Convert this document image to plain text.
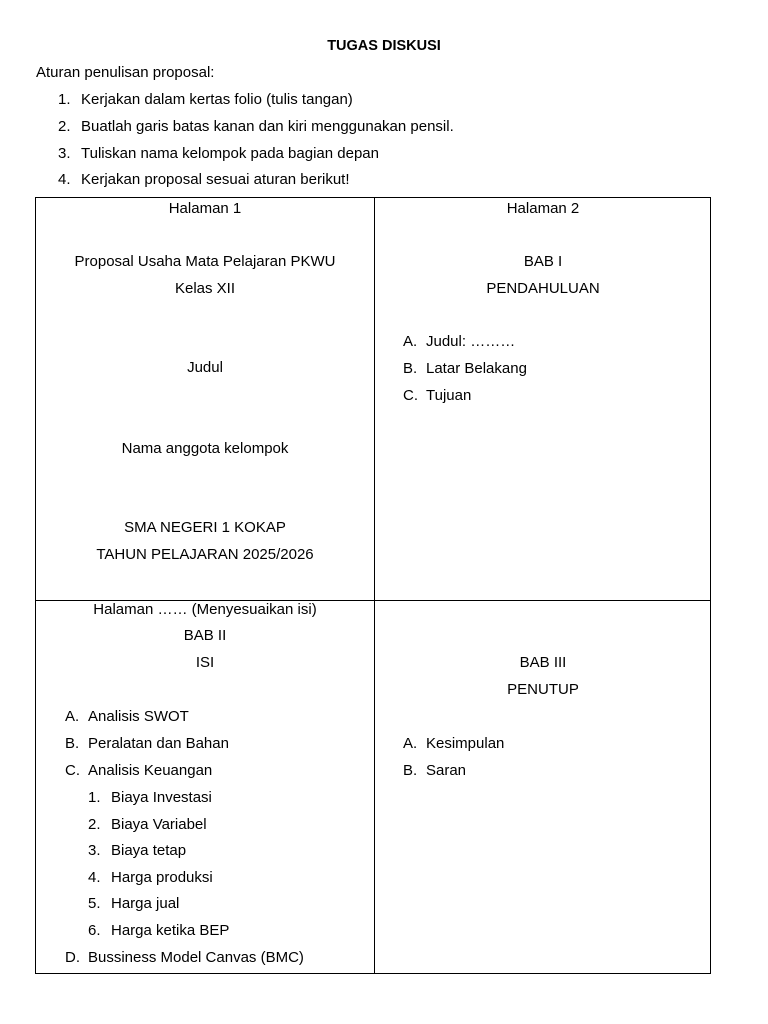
TUGAS DISKUSI
Aturan penulisan proposal:
1. Kerjakan dalam kertas folio (tulis tangan)
2. Buatlah garis batas kanan dan kiri menggunakan pensil.
3. Tuliskan nama kelompok pada bagian depan
4. Kerjakan proposal sesuai aturan berikut!
Halaman 1
Proposal Usaha Mata Pelajaran PKWU
Kelas XII
Judul
Nama anggota kelompok
SMA NEGERI 1 KOKAP
TAHUN PELAJARAN 2025/2026
Halaman 2
BAB I
PENDAHULUAN
A. Judul: ………
B. Latar Belakang
C. Tujuan
Halaman …… (Menyesuaikan isi)
BAB II
ISI
A. Analisis SWOT
B. Peralatan dan Bahan
C. Analisis Keuangan
1. Biaya Investasi
2. Biaya Variabel
3. Biaya tetap
4. Harga produksi
5. Harga jual
6. Harga ketika BEP
D. Bussiness Model Canvas (BMC)
BAB III
PENUTUP
A. Kesimpulan
B. Saran
